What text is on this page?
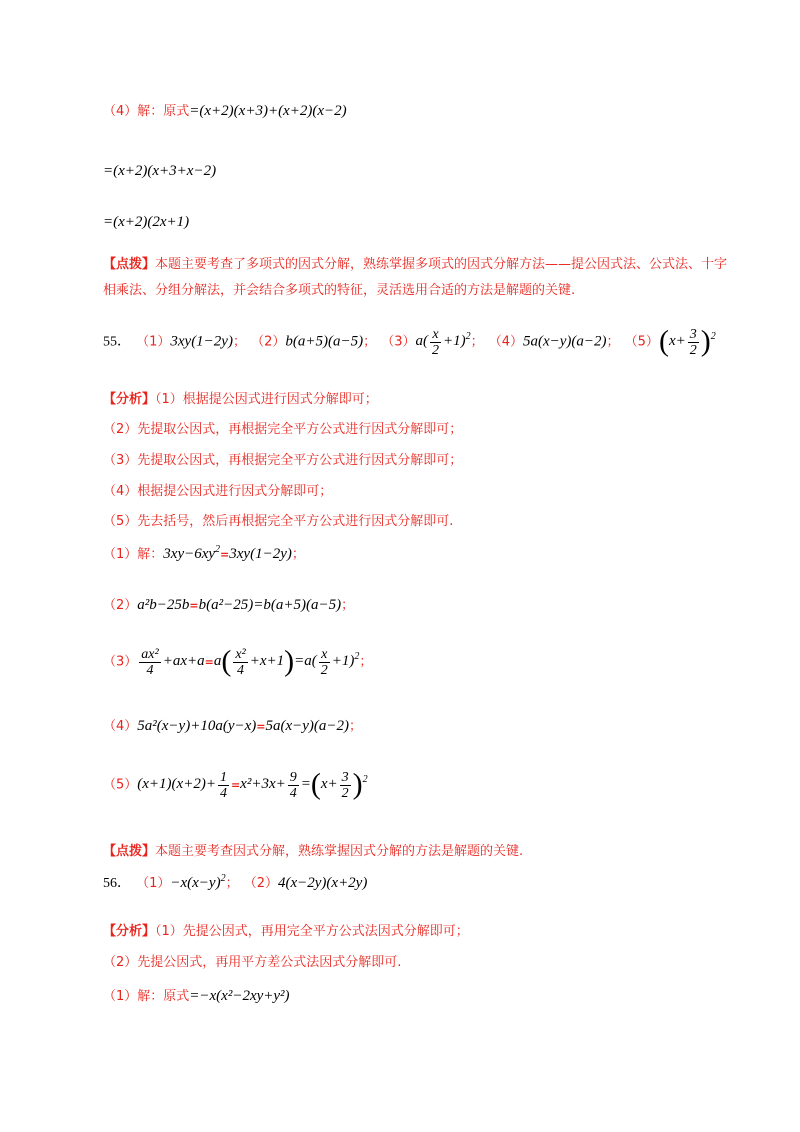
（4）解：原式=(x+2)(x+3)+(x+2)(x−2)
=(x+2)(x+3+x−2)
=(x+2)(2x+1)
【点拨】本题主要考查了多项式的因式分解，熟练掌握多项式的因式分解方法——提公因式法、公式法、十字相乘法、分组分解法，并会结合多项式的特征，灵活选用合适的方法是解题的关键.
55． （1）3xy(1−2y)； （2）b(a+5)(a−5)； $(3)a( \frac{x}{2} +1)^2$； （4）5a(x−y)(a−2)； $(5)(x+ \frac{3}{2} )^2$
【分析】（1）根据提公因式进行因式分解即可；
（2）先提取公因式，再根据完全平方公式进行因式分解即可；
（3）先提取公因式，再根据完全平方公式进行因式分解即可；
（4）根据提公因式进行因式分解即可；
（5）先去括号，然后再根据完全平方公式进行因式分解即可.
（1）解：$3xy-6xy^2=3xy(1-2y)$；
（2）a²b−25b=b(a²−25)=b(a+5)(a−5)；
$(3) \frac{\text{ax²}}{4} +ax+a=a( \frac{\text{x²}}{4} +x+1)=a( \frac{x}{2} +1)^2$；
（4）5a²(x−y)+10a(y−x)=5a(x−y)(a−2)；
$(5)(x+1)(x+2)+ \frac{1}{4} =x^2+3x+ \frac{9}{4} =(x+ \frac{3}{2} )^2$
【点拨】本题主要考查因式分解，熟练掌握因式分解的方法是解题的关键.
56． $(1)-x(x-y)^2$； （2）4(x−2y)(x+2y)
【分析】（1）先提公因式，再用完全平方公式法因式分解即可；
（2）先提公因式，再用平方差公式法因式分解即可.
（1）解：原式=−x(x²−2xy+y²)
